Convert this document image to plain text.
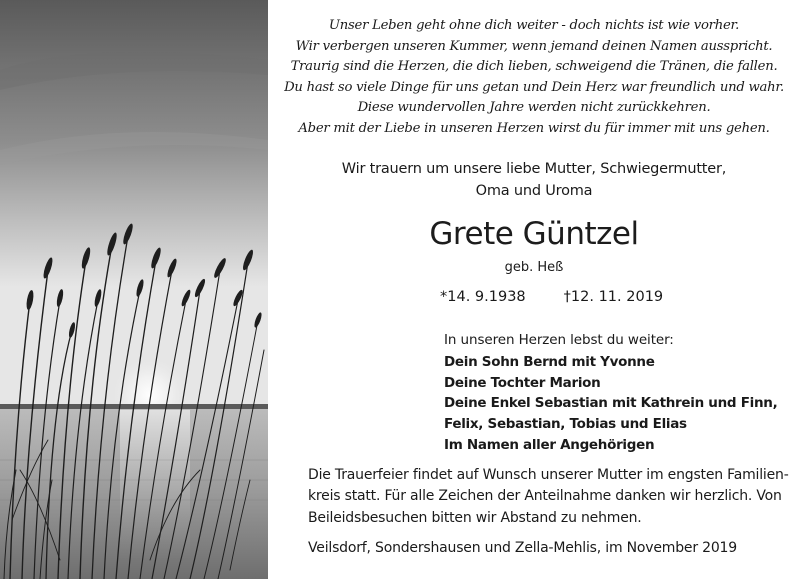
Unser Leben geht ohne dich weiter - doch nichts ist wie vorher.
Wir verbergen unseren Kummer, wenn jemand deinen Namen ausspricht.
Traurig sind die Herzen, die dich lieben, schweigend die Tränen, die fallen.
Du hast so viele Dinge für uns getan und Dein Herz war freundlich und wahr.
Diese wundervollen Jahre werden nicht zurückkehren.
Aber mit der Liebe in unseren Herzen wirst du für immer mit uns gehen.
Wir trauern um unsere liebe Mutter, Schwiegermutter,
Oma und Uroma
Grete Güntzel
geb. Heß
*14. 9.1938	†12. 11. 2019
In unseren Herzen lebst du weiter:
Dein Sohn Bernd mit Yvonne
Deine Tochter Marion
Deine Enkel Sebastian mit Kathrein und Finn,
Felix, Sebastian, Tobias und Elias
Im Namen aller Angehörigen
Die Trauerfeier findet auf Wunsch unserer Mutter im engsten Familien-
kreis statt. Für alle Zeichen der Anteilnahme danken wir herzlich. Von
Beileidsbesuchen bitten wir Abstand zu nehmen.
Veilsdorf, Sondershausen und Zella-Mehlis, im November 2019
